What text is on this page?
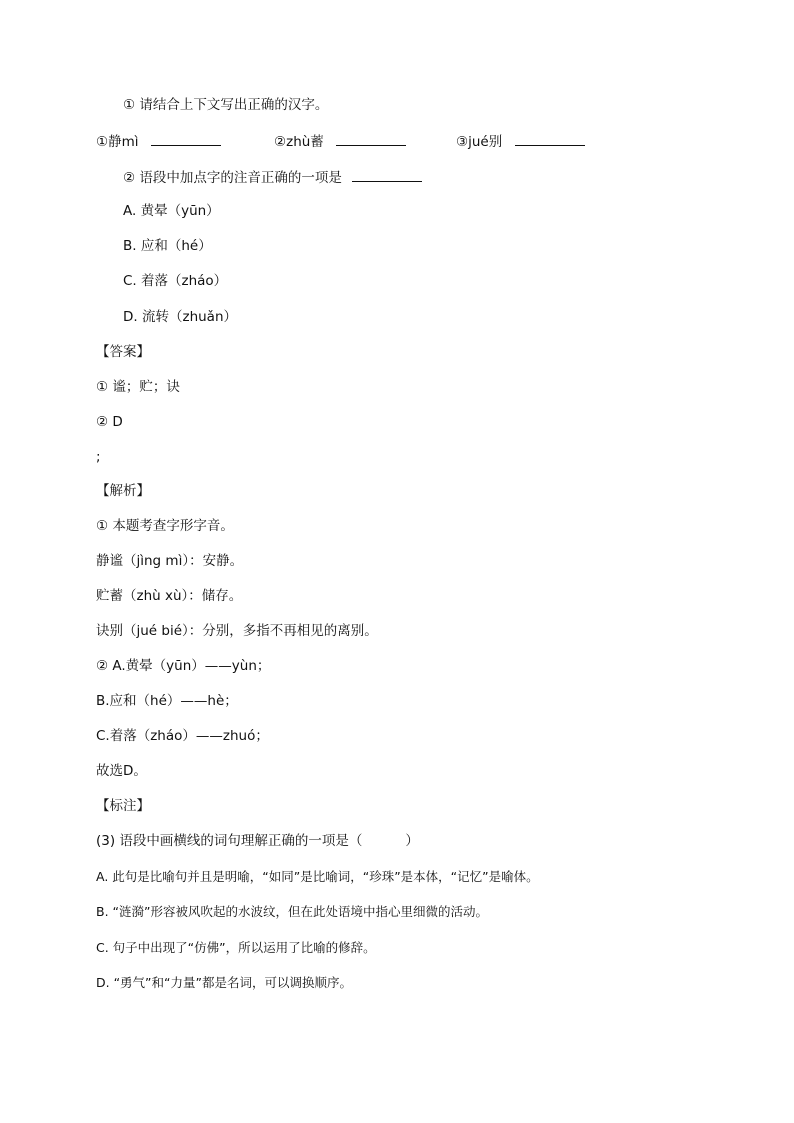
① 请结合上下文写出正确的汉字。
①静mì	②zhù蓄	③jué别
② 语段中加点字的注音正确的一项是
A. 黄晕（yūn）
B. 应和（hé）
C. 着落（zháo）
D. 流转（zhuǎn）
【答案】
① 谧；贮；诀
② D
;
【解析】
① 本题考查字形字音。
静谧（jìng mì）：安静。
贮蓄（zhù xù）：储存。
诀别（jué bié）：分别，多指不再相见的离别。
② A.黄晕（yūn）——yùn；
B.应和（hé）——hè；
C.着落（zháo）——zhuó；
故选D。
【标注】
(3) 语段中画横线的词句理解正确的一项是（          ）
A. 此句是比喻句并且是明喻，“如同”是比喻词，“珍珠”是本体，“记忆”是喻体。
B. “涟漪”形容被风吹起的水波纹，但在此处语境中指心里细微的活动。
C. 句子中出现了“仿佛”，所以运用了比喻的修辞。
D. “勇气”和“力量”都是名词，可以调换顺序。
